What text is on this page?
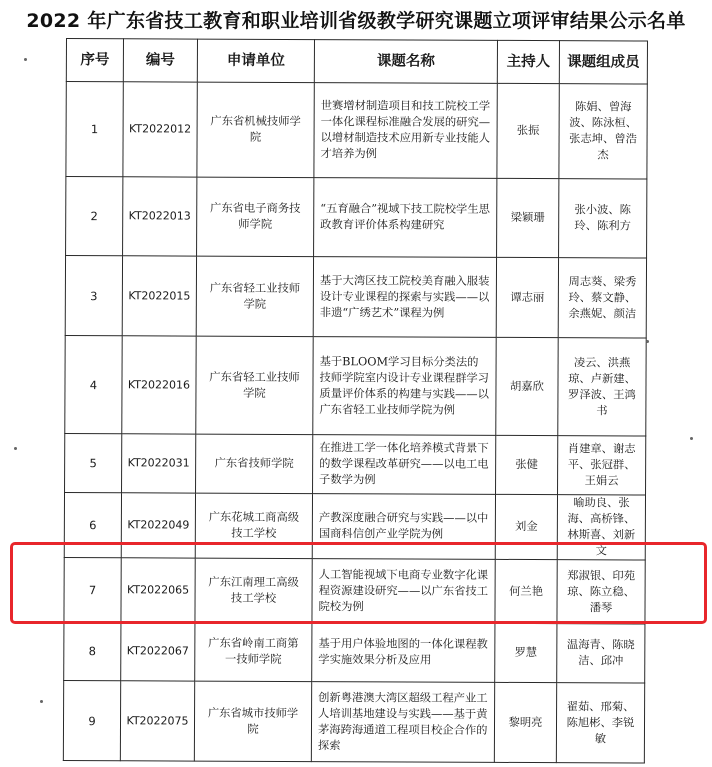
2022 年广东省技工教育和职业培训省级教学研究课题立项评审结果公示名单
序号	编号	申请单位	课题名称	主持人	课题组成员
1	KT2022012	广东省机械技师学院	世赛增材制造项目和技工院校工学一体化课程标准融合发展的研究—以增材制造技术应用新专业技能人才培养为例	张振	陈娟、曾海波、陈泳桓、张志坤、曾浩杰
2	KT2022013	广东省电子商务技师学院	“五育融合”视域下技工院校学生思政教育评价体系构建研究	梁颖珊	张小波、陈玲、陈利方
3	KT2022015	广东省轻工业技师学院	基于大湾区技工院校美育融入服装设计专业课程的探索与实践——以非遗“广绣艺术”课程为例	谭志丽	周志葵、梁秀玲、蔡文静、余燕妮、颜洁
4	KT2022016	广东省轻工业技师学院	基于BLOOM学习目标分类法的技师学院室内设计专业课程群学习质量评价体系的构建与实践——以广东省轻工业技师学院为例	胡嘉欣	凌云、洪燕琼、卢新建、罗泽波、王鸿书
5	KT2022031	广东省技师学院	在推进工学一体化培养模式背景下的数学课程改革研究——以电工电子数学为例	张健	肖建章、谢志平、张冠群、王娟云
6	KT2022049	广东花城工商高级技工学校	产教深度融合研究与实践——以中国商科信创产业学院为例	刘金	喻助良、张海、高桥锋、林斯喜、刘新文
7	KT2022065	广东江南理工高级技工学校	人工智能视域下电商专业数字化课程资源建设研究——以广东省技工院校为例	何兰艳	郑淑银、印苑琼、陈立稳、潘琴
8	KT2022067	广东省岭南工商第一技师学院	基于用户体验地图的一体化课程教学实施效果分析及应用	罗慧	温海青、陈晓洁、邱冲
9	KT2022075	广东省城市技师学院	创新粤港澳大湾区超级工程产业工人培训基地建设与实践——基于黄茅海跨海通道工程项目校企合作的探索	黎明亮	翟茹、邢菊、陈旭彬、李锐敏
